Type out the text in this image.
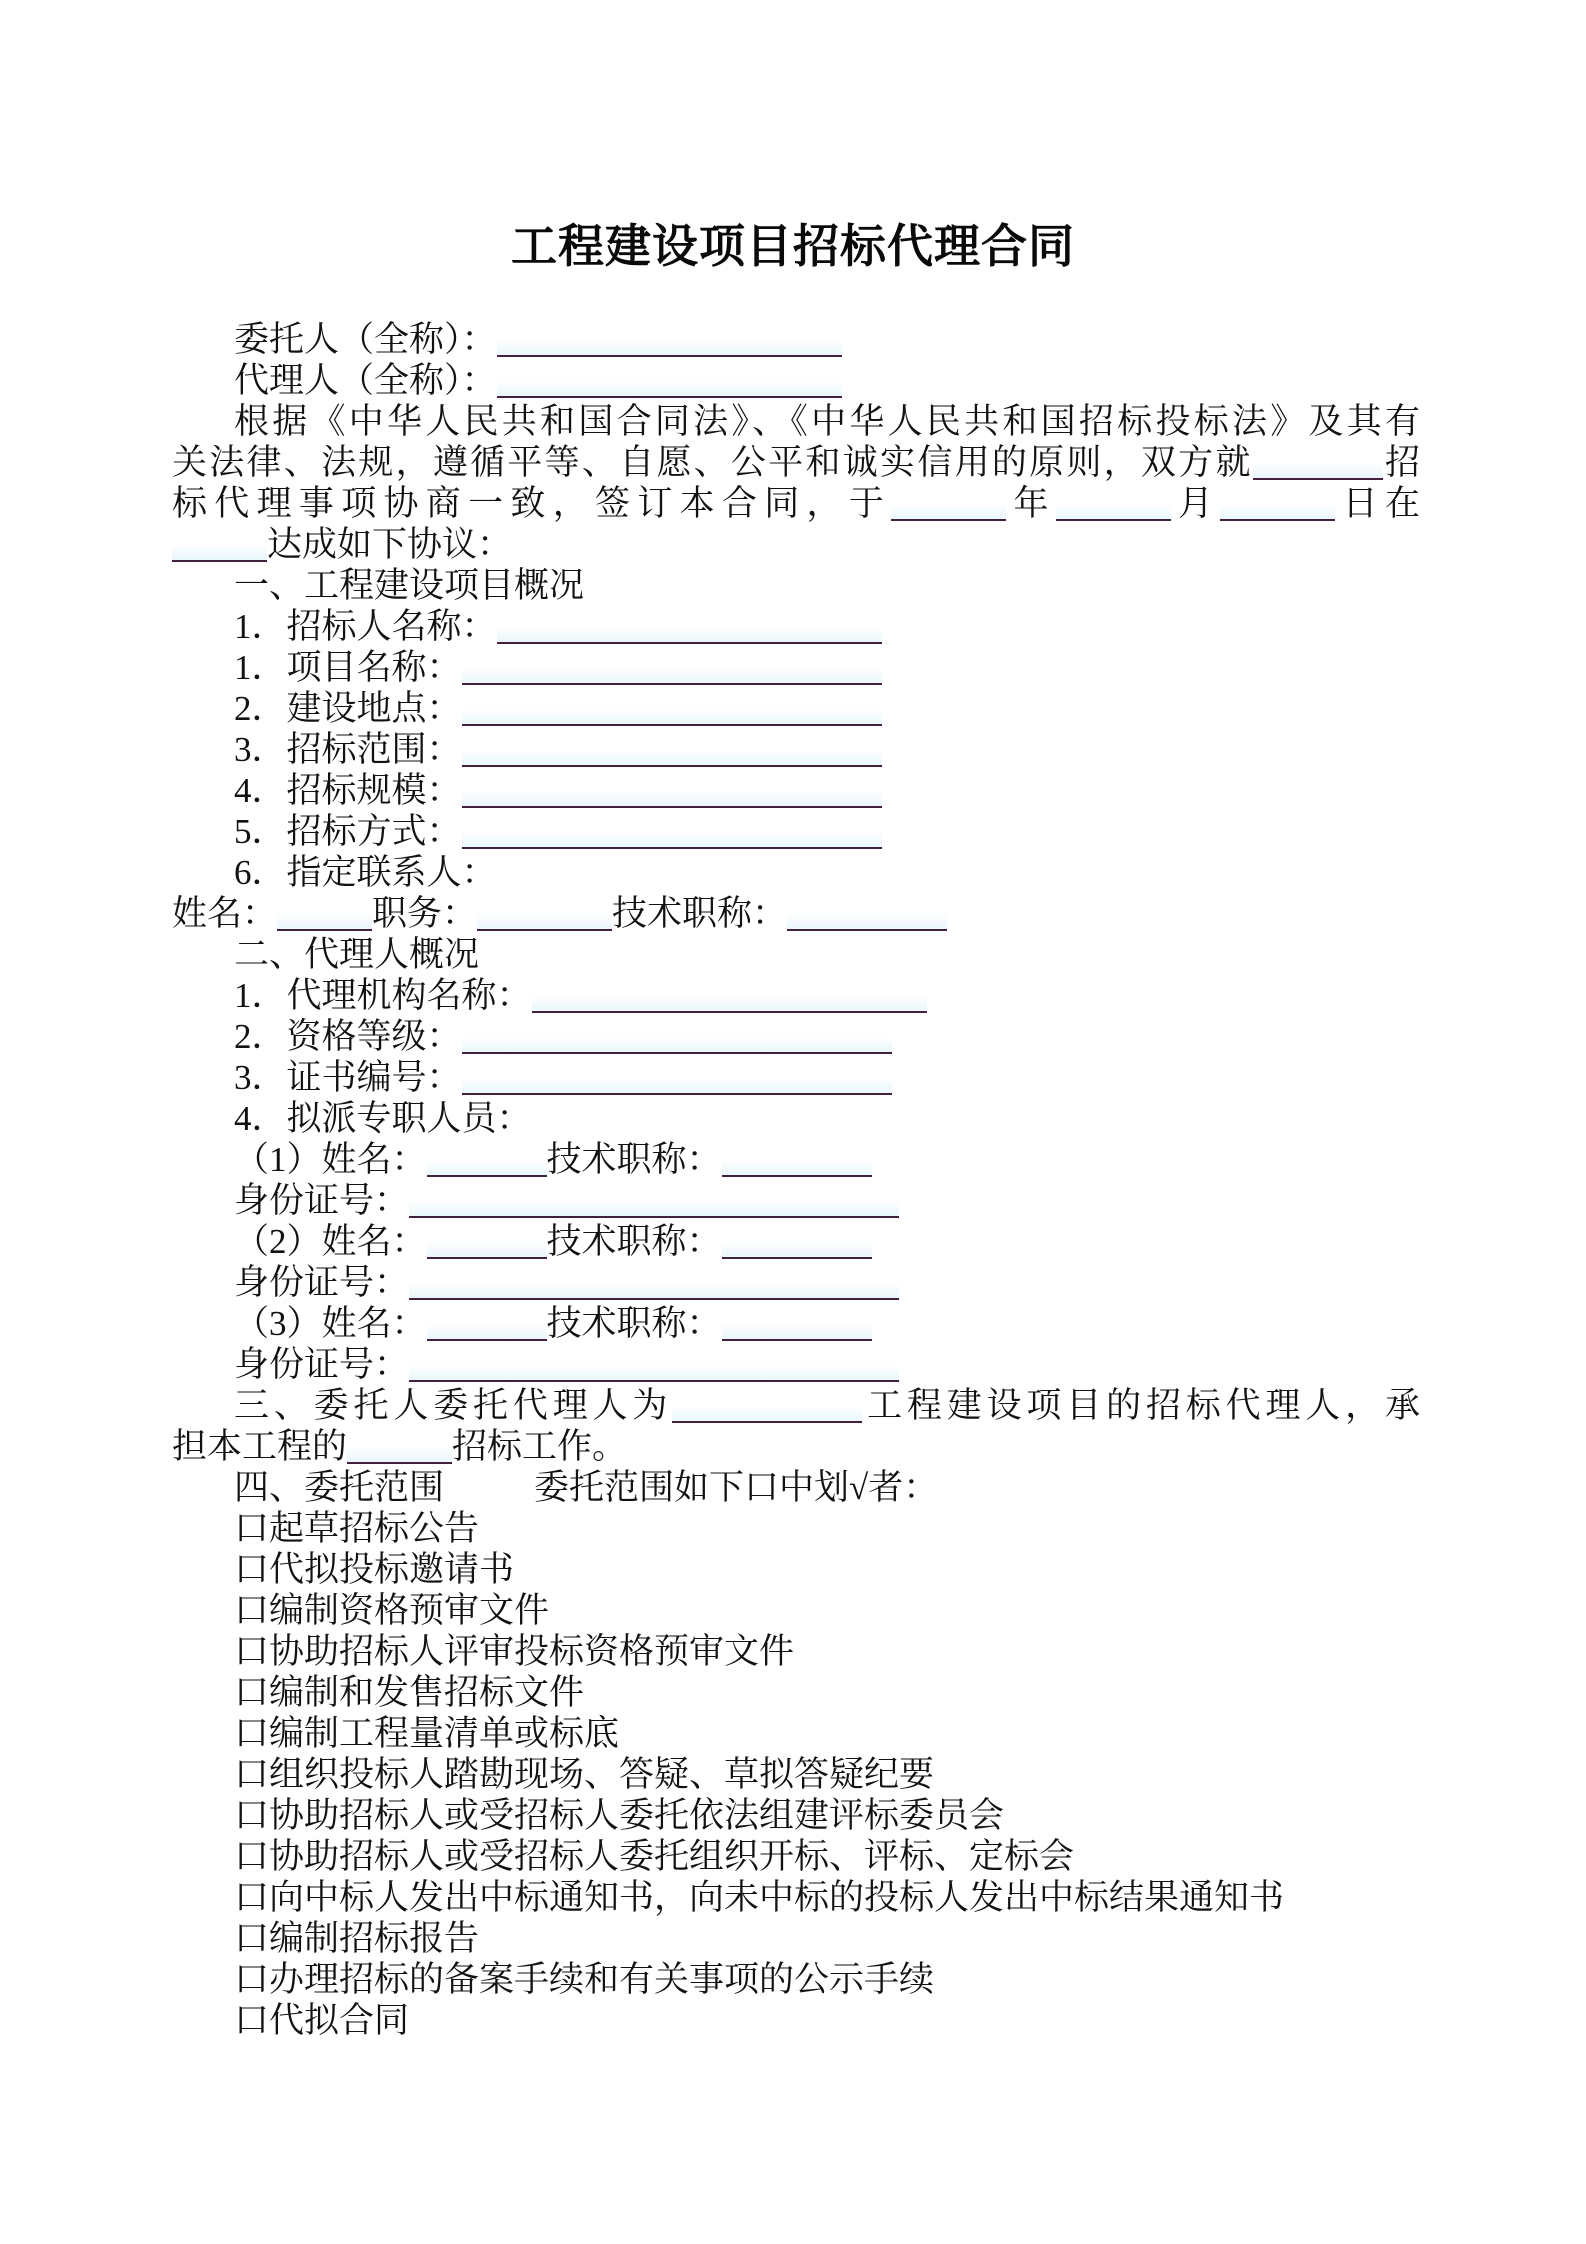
工程建设项目招标代理合同

委托人（全称）：

代理人（全称）：

根据《中华人民共和国合同法》、《中华人民共和国招标投标法》及其有

关法律、法规，遵循平等、自愿、公平和诚实信用的原则，双方就	招

标代理事项协商一致，签订本合同，于	年	月	日在

达成如下协议：

一、工程建设项目概况

1．招标人名称：

1．项目名称：

2．建设地点：

3．招标范围：

4．招标规模：

5．招标方式：

6．指定联系人：

姓名：	职务：	技术职称：

二、代理人概况

1．代理机构名称：

2．资格等级：

3．证书编号：

4．拟派专职人员：

（1）姓名：	技术职称：

身份证号：

（2）姓名：	技术职称：

身份证号：

（3）姓名：	技术职称：

身份证号：

三、委托人委托代理人为	工程建设项目的招标代理人，承

担本工程的	招标工作。

四、委托范围	委托范围如下口中划√者：

口起草招标公告

口代拟投标邀请书

口编制资格预审文件

口协助招标人评审投标资格预审文件

口编制和发售招标文件

口编制工程量清单或标底

口组织投标人踏勘现场、答疑、草拟答疑纪要

口协助招标人或受招标人委托依法组建评标委员会

口协助招标人或受招标人委托组织开标、评标、定标会

口向中标人发出中标通知书，向未中标的投标人发出中标结果通知书

口编制招标报告

口办理招标的备案手续和有关事项的公示手续

口代拟合同
